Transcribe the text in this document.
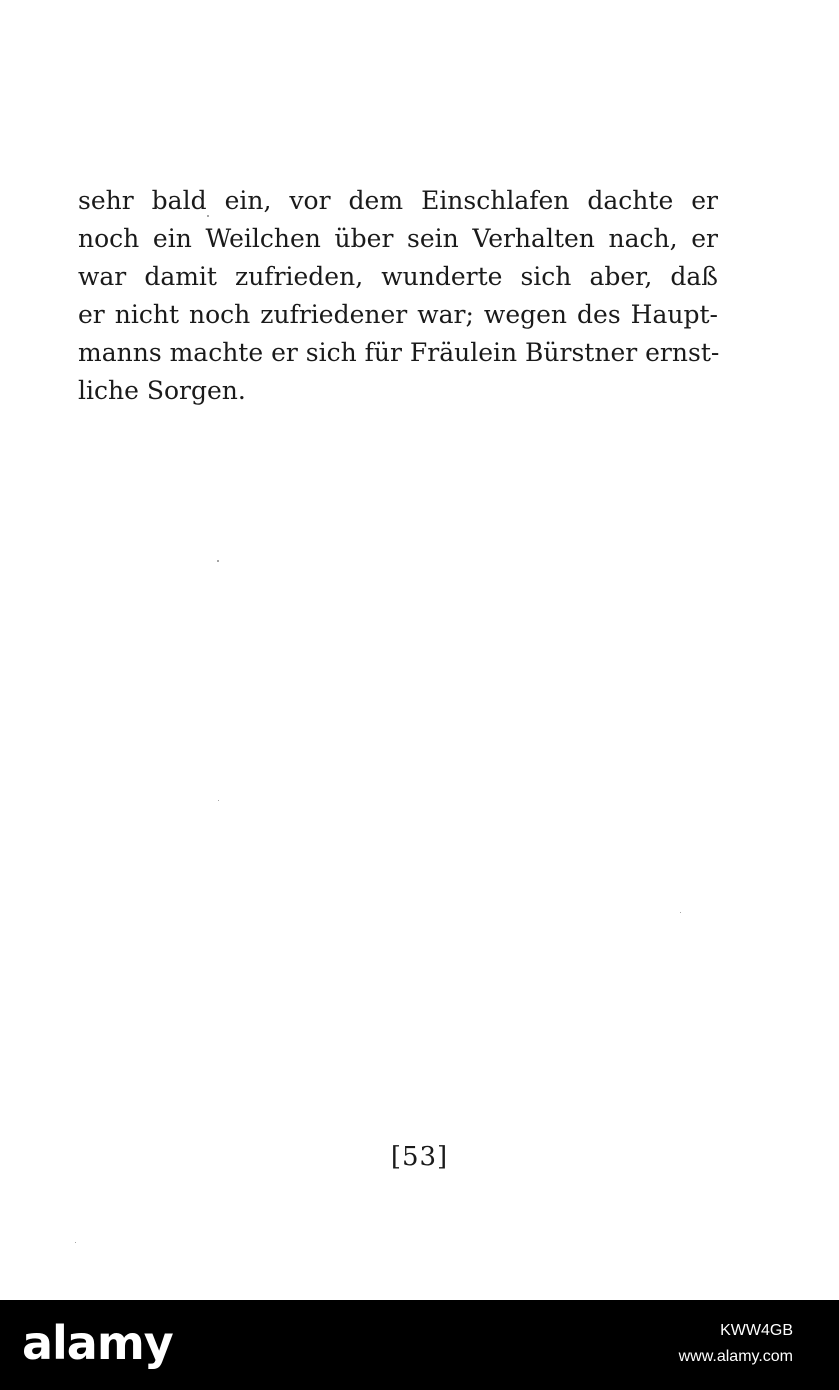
sehr bald ein, vor dem Einschlafen dachte er
noch ein Weilchen über sein Verhalten nach, er
war damit zufrieden, wunderte sich aber, daß
er nicht noch zufriedener war; wegen des Haupt-
manns machte er sich für Fräulein Bürstner ernst-
liche Sorgen.
[53]
alamy	KWW4GB
www.alamy.com
